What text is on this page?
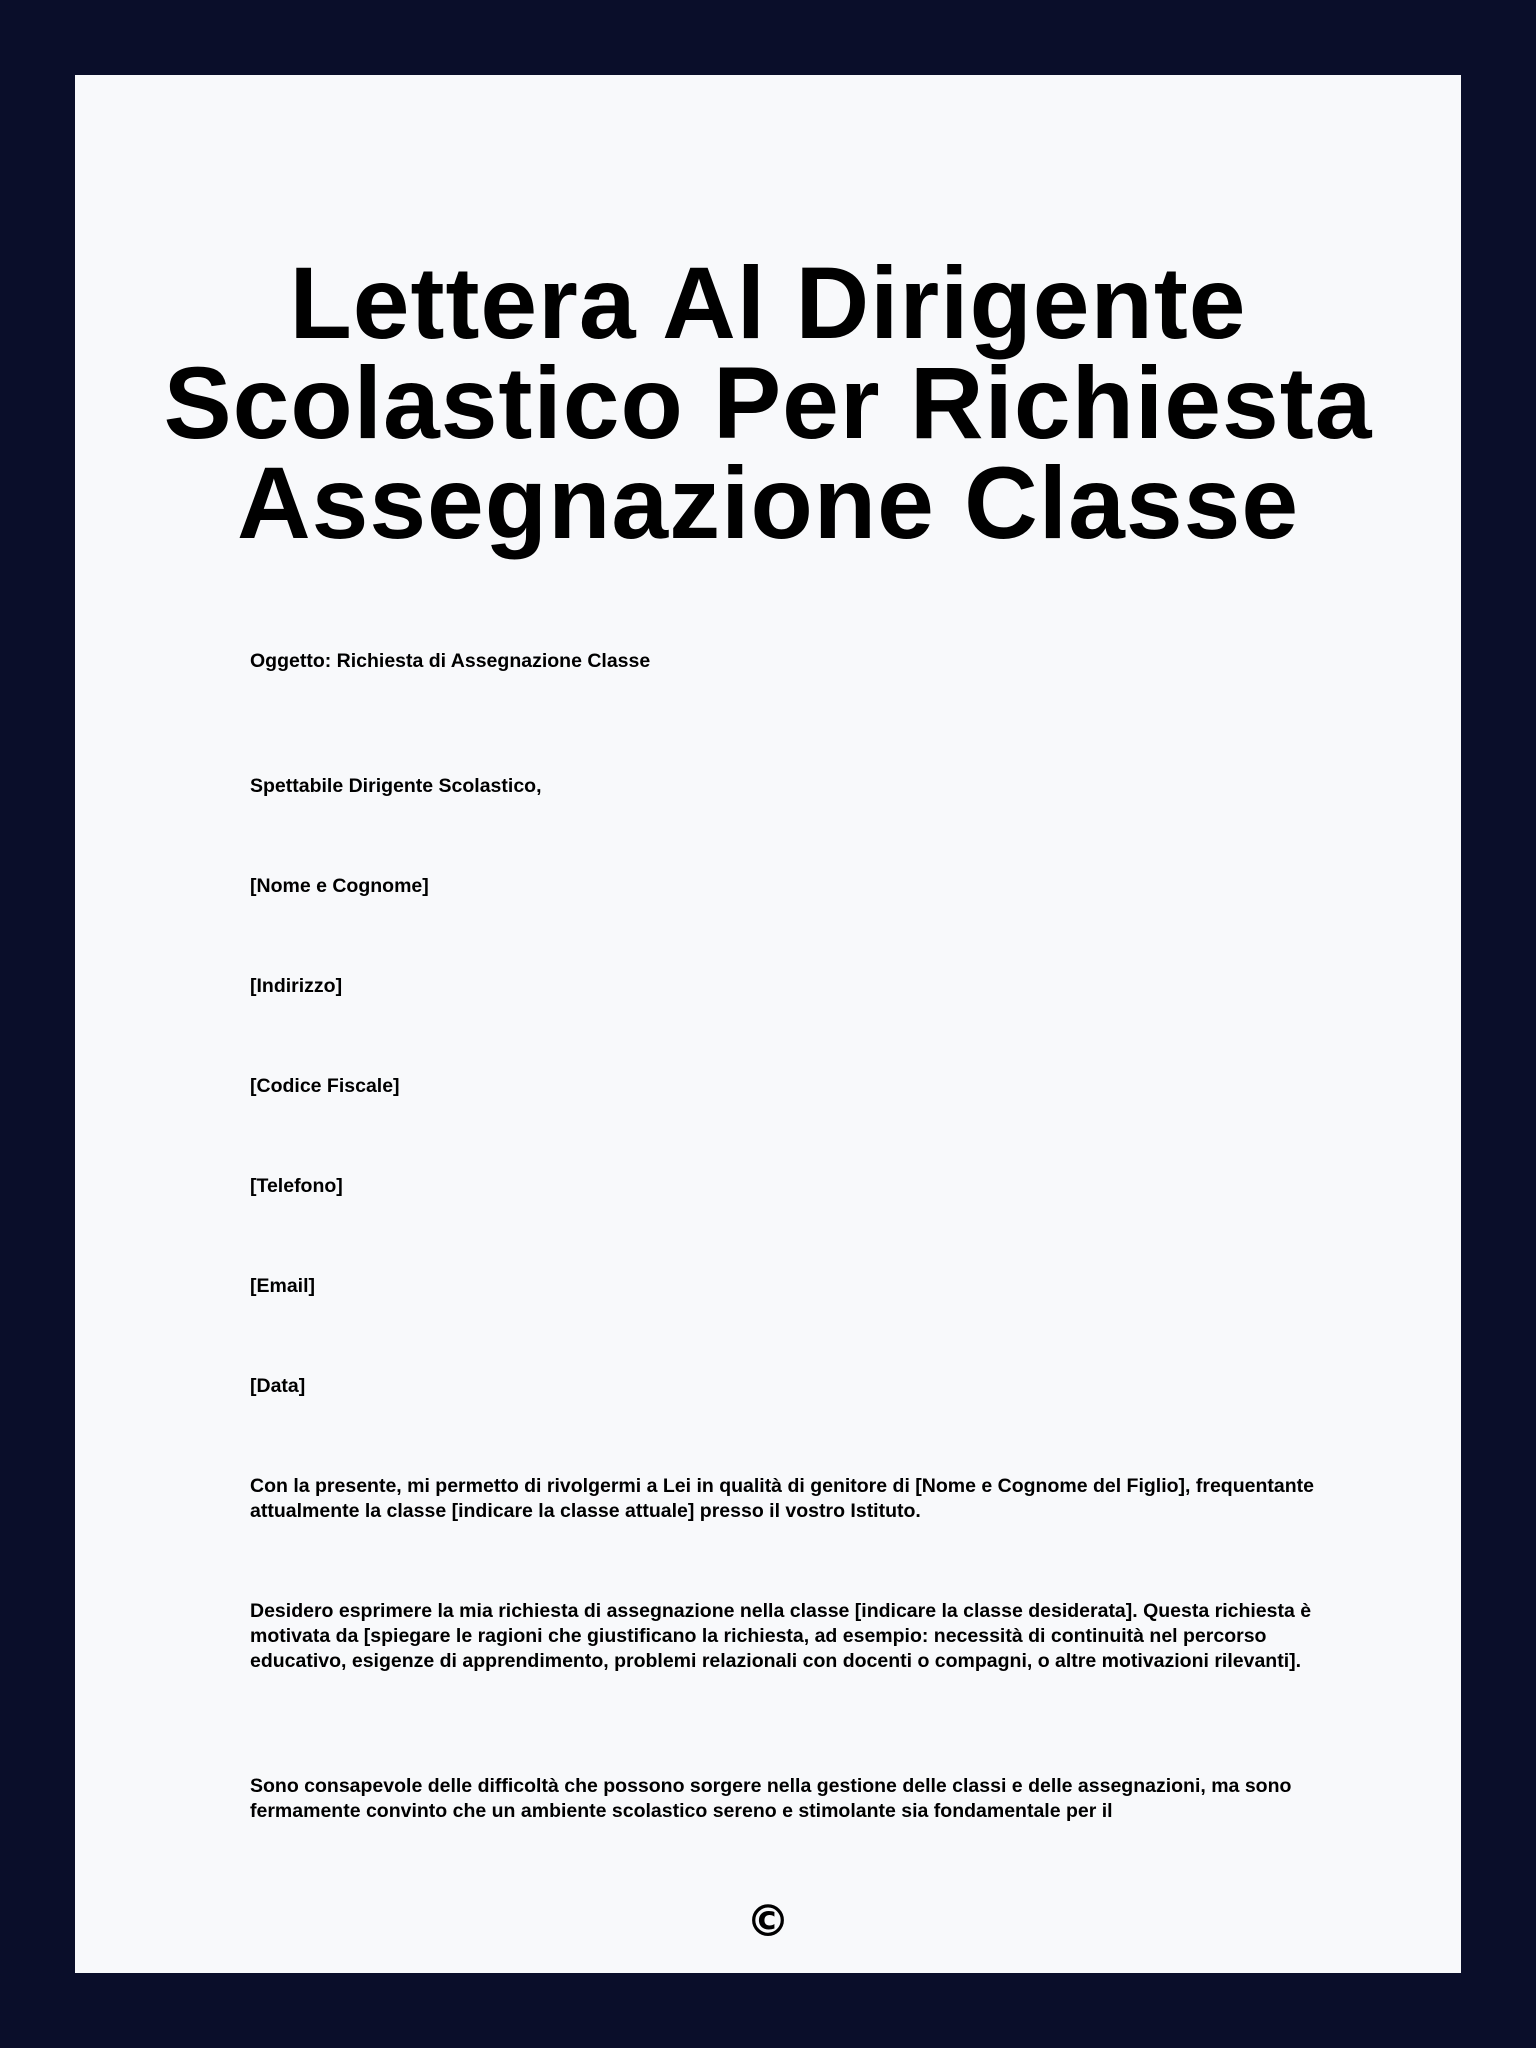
Lettera Al Dirigente
Scolastico Per Richiesta
Assegnazione Classe

Oggetto: Richiesta di Assegnazione Classe

Spettabile Dirigente Scolastico,

[Nome e Cognome]

[Indirizzo]

[Codice Fiscale]

[Telefono]

[Email]

[Data]

Con la presente, mi permetto di rivolgermi a Lei in qualità di genitore di [Nome e Cognome del Figlio], frequentante attualmente la classe [indicare la classe attuale] presso il vostro Istituto.

Desidero esprimere la mia richiesta di assegnazione nella classe [indicare la classe desiderata]. Questa richiesta è motivata da [spiegare le ragioni che giustificano la richiesta, ad esempio: necessità di continuità nel percorso educativo, esigenze di apprendimento, problemi relazionali con docenti o compagni, o altre motivazioni rilevanti].

Sono consapevole delle difficoltà che possono sorgere nella gestione delle classi e delle assegnazioni, ma sono fermamente convinto che un ambiente scolastico sereno e stimolante sia fondamentale per il

©
